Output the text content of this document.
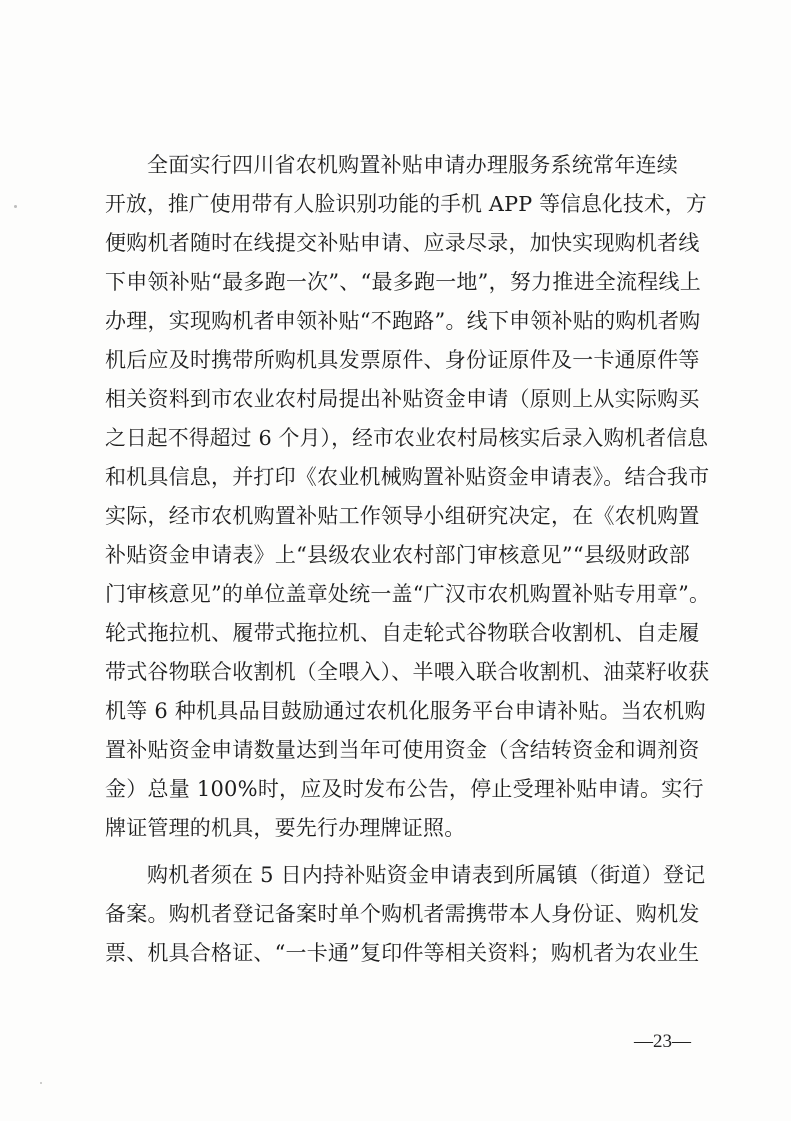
全面实行四川省农机购置补贴申请办理服务系统常年连续
开放，推广使用带有人脸识别功能的手机 APP 等信息化技术，方
便购机者随时在线提交补贴申请、应录尽录，加快实现购机者线
下申领补贴“最多跑一次”、“最多跑一地”，努力推进全流程线上
办理，实现购机者申领补贴“不跑路”。线下申领补贴的购机者购
机后应及时携带所购机具发票原件、身份证原件及一卡通原件等
相关资料到市农业农村局提出补贴资金申请（原则上从实际购买
之日起不得超过 6 个月），经市农业农村局核实后录入购机者信息
和机具信息，并打印《农业机械购置补贴资金申请表》。结合我市
实际，经市农机购置补贴工作领导小组研究决定，在《农机购置
补贴资金申请表》上“县级农业农村部门审核意见”“县级财政部
门审核意见”的单位盖章处统一盖“广汉市农机购置补贴专用章”。
轮式拖拉机、履带式拖拉机、自走轮式谷物联合收割机、自走履
带式谷物联合收割机（全喂入）、半喂入联合收割机、油菜籽收获
机等 6 种机具品目鼓励通过农机化服务平台申请补贴。当农机购
置补贴资金申请数量达到当年可使用资金（含结转资金和调剂资
金）总量 100%时，应及时发布公告，停止受理补贴申请。实行
牌证管理的机具，要先行办理牌证照。
购机者须在 5 日内持补贴资金申请表到所属镇（街道）登记
备案。购机者登记备案时单个购机者需携带本人身份证、购机发
票、机具合格证、“一卡通”复印件等相关资料；购机者为农业生
—23—
